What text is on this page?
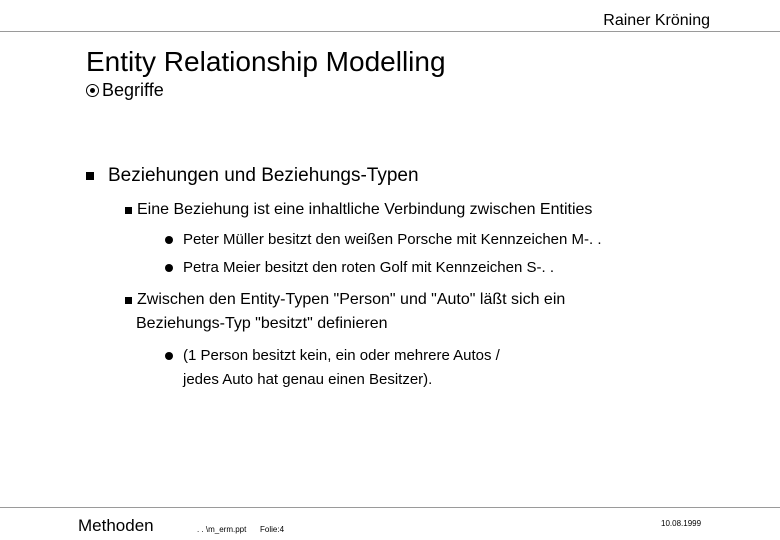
Rainer Kröning
Entity Relationship Modelling
Begriffe
Beziehungen und Beziehungs-Typen
Eine Beziehung ist eine inhaltliche Verbindung zwischen Entities
Peter Müller besitzt den weißen Porsche mit Kennzeichen M-. .
Petra Meier besitzt den roten Golf mit Kennzeichen S-. .
Zwischen den Entity-Typen "Person" und "Auto" läßt sich ein
Beziehungs-Typ "besitzt" definieren
(1 Person besitzt kein, ein oder mehrere Autos /
jedes Auto hat genau einen Besitzer).
Methoden	. . \m_erm.ppt Folie:4
10.08.1999
